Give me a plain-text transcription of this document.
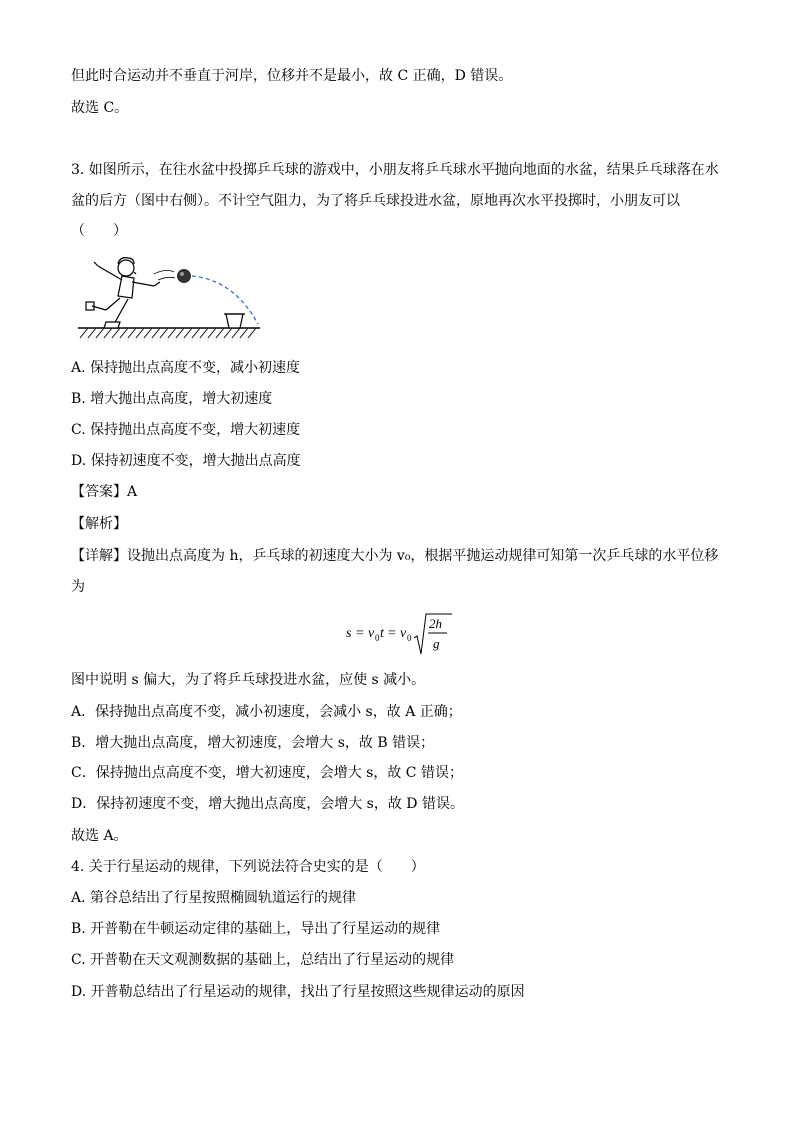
但此时合运动并不垂直于河岸，位移并不是最小，故 C 正确，D 错误。
故选 C。
3. 如图所示，在往水盆中投掷乒乓球的游戏中，小朋友将乒乓球水平抛向地面的水盆，结果乒乓球落在水
盆的后方（图中右侧）。不计空气阻力，为了将乒乓球投进水盆，原地再次水平投掷时，小朋友可以
（　　）
A. 保持抛出点高度不变，减小初速度
B. 增大抛出点高度，增大初速度
C. 保持抛出点高度不变，增大初速度
D. 保持初速度不变，增大抛出点高度
【答案】A
【解析】
【详解】设抛出点高度为 h，乒乓球的初速度大小为 v₀，根据平抛运动规律可知第一次乒乓球的水平位移
为
s = v 0 t = v 0
2h
g
图中说明 s 偏大，为了将乒乓球投进水盆，应使 s 减小。
A．保持抛出点高度不变，减小初速度，会减小 s，故 A 正确；
B．增大抛出点高度，增大初速度，会增大 s，故 B 错误；
C．保持抛出点高度不变，增大初速度，会增大 s，故 C 错误；
D．保持初速度不变，增大抛出点高度，会增大 s，故 D 错误。
故选 A。
4. 关于行星运动的规律，下列说法符合史实的是（　　）
A. 第谷总结出了行星按照椭圆轨道运行的规律
B. 开普勒在牛顿运动定律的基础上，导出了行星运动的规律
C. 开普勒在天文观测数据的基础上，总结出了行星运动的规律
D. 开普勒总结出了行星运动的规律，找出了行星按照这些规律运动的原因
